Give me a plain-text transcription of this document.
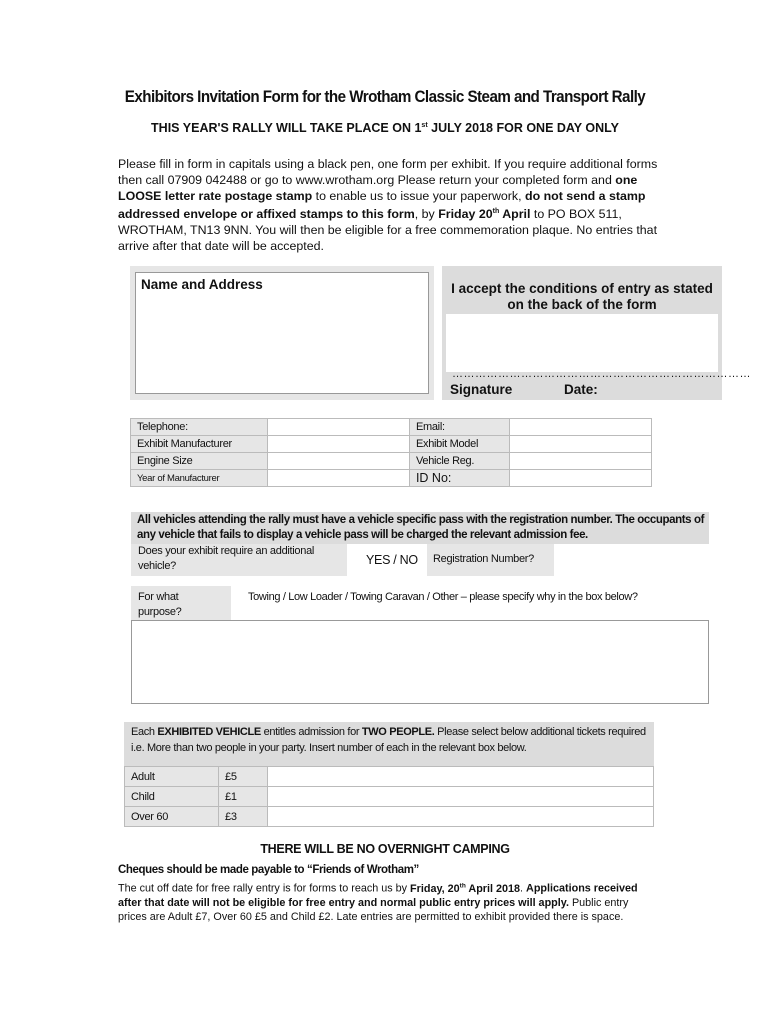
Exhibitors Invitation Form for the Wrotham Classic Steam and Transport Rally
THIS YEAR'S RALLY WILL TAKE PLACE ON 1st JULY 2018 FOR ONE DAY ONLY
Please fill in form in capitals using a black pen, one form per exhibit. If you require additional forms then call 07909 042488 or go to www.wrotham.org Please return your completed form and one LOOSE letter rate postage stamp to enable us to issue your paperwork, do not send a stamp addressed envelope or affixed stamps to this form, by Friday 20th April to PO BOX 511, WROTHAM, TN13 9NN. You will then be eligible for a free commemoration plaque. No entries that arrive after that date will be accepted.
Name and Address	I accept the conditions of entry as stated on the back of the form
……………………………………………………………………
Signature	Date:
Telephone:		Email:	
Exhibit Manufacturer		Exhibit Model	
Engine Size		Vehicle Reg.	
Year of Manufacturer		ID No:	
All vehicles attending the rally must have a vehicle specific pass with the registration number. The occupants of any vehicle that fails to display a vehicle pass will be charged the relevant admission fee.
Does your exhibit require an additional vehicle?	YES / NO Registration Number?
For what
purpose?
Towing / Low Loader / Towing Caravan / Other – please specify why in the box below?
Each EXHIBITED VEHICLE entitles admission for TWO PEOPLE. Please select below additional tickets required i.e. More than two people in your party. Insert number of each in the relevant box below.
Adult	£5	
Child	£1	
Over 60	£3	
THERE WILL BE NO OVERNIGHT CAMPING
Cheques should be made payable to “Friends of Wrotham”
The cut off date for free rally entry is for forms to reach us by Friday, 20th April 2018. Applications received after that date will not be eligible for free entry and normal public entry prices will apply. Public entry prices are Adult £7, Over 60 £5 and Child £2. Late entries are permitted to exhibit provided there is space.
